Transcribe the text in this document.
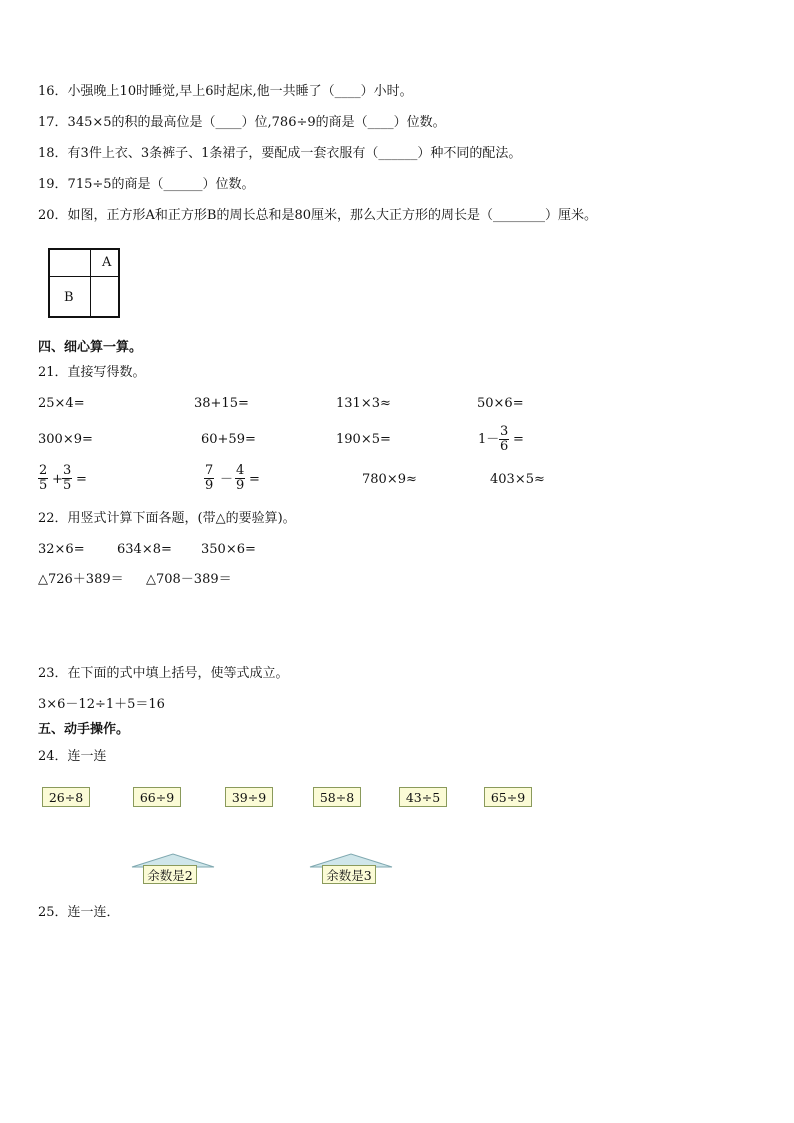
16．小强晚上10时睡觉,早上6时起床,他一共睡了（____）小时。
17．345×5的积的最高位是（____）位,786÷9的商是（____）位数。
18．有3件上衣、3条裤子、1条裙子，要配成一套衣服有（______）种不同的配法。
19．715÷5的商是（______）位数。
20．如图，正方形A和正方形B的周长总和是80厘米，那么大正方形的周长是（________）厘米。
A
B
四、细心算一算。
21．直接写得数。
25×4=	38+15=	131×3≈	50×6=
300×9=	60+59=	190×5=	$1- \frac{3}{6}$ =
$\frac{2}{5} + \frac{3}{5}$ =	$\frac{7}{9} - \frac{4}{9}$ =	780×9≈	403×5≈
22．用竖式计算下面各题，(带△的要验算)。
32×6= 634×8= 350×6=
△726＋389＝ △708－389＝
23．在下面的式中填上括号，使等式成立。
3×6－12÷1＋5＝16
五、动手操作。
24．连一连
26÷8	66÷9	39÷9	58÷8	43÷5	65÷9
余数是2	余数是3
25．连一连．
